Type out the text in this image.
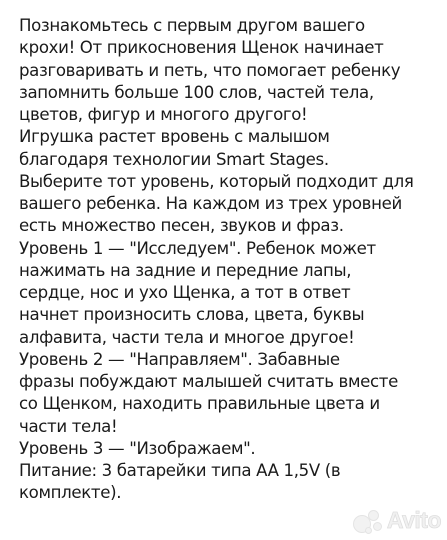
Познакомьтесь с первым другом вашего
крохи! От прикосновения Щенок начинает
разговаривать и петь, что помогает ребенку
запомнить больше 100 слов, частей тела,
цветов, фигур и многого другого!
Игрушка растет вровень с малышом
благодаря технологии Smart Stages.
Выберите тот уровень, который подходит для
вашего ребенка. На каждом из трех уровней
есть множество песен, звуков и фраз.
Уровень 1 — "Исследуем". Ребенок может
нажимать на задние и передние лапы,
сердце, нос и ухо Щенка, а тот в ответ
начнет произносить слова, цвета, буквы
алфавита, части тела и многое другое!
Уровень 2 — "Направляем". Забавные
фразы побуждают малышей считать вместе
со Щенком, находить правильные цвета и
части тела!
Уровень 3 — "Изображаем".
Питание: 3 батарейки типа AA 1,5V (в
комплекте).
Avito
